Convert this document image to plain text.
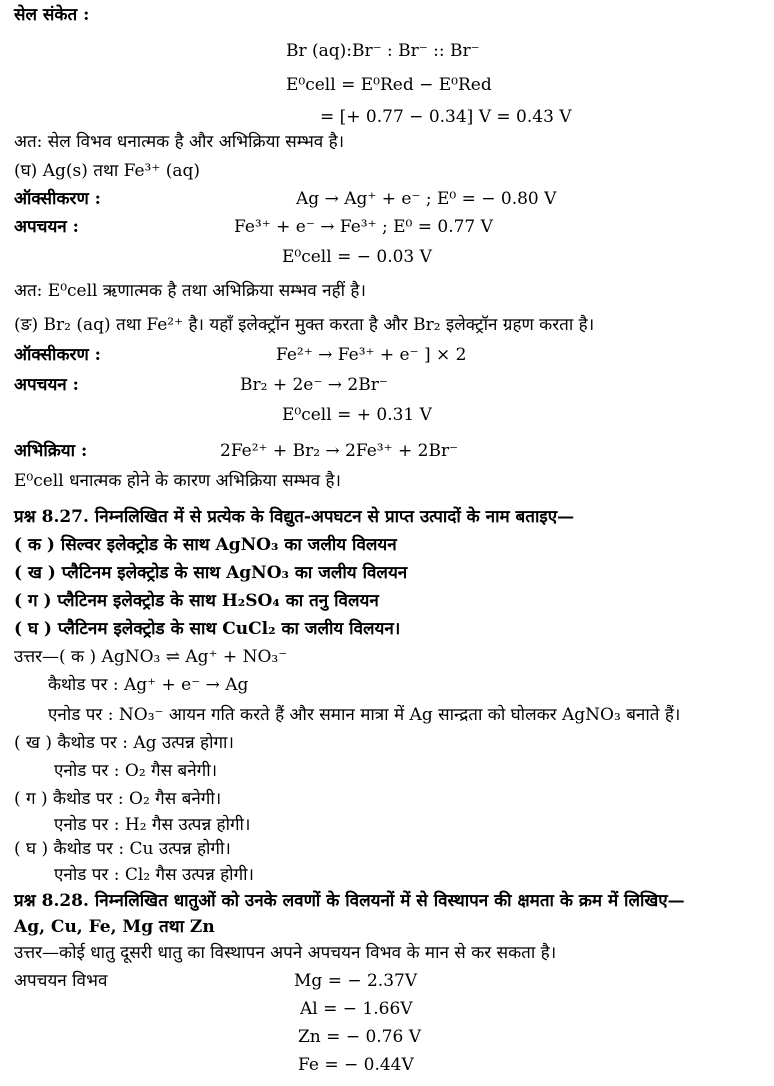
सेल संकेत :
Br (aq):Br⁻ : Br⁻ :: Br⁻
E⁰cell = E⁰Red − E⁰Red
= [+ 0.77 − 0.34] V = 0.43 V
अत: सेल विभव धनात्मक है और अभिक्रिया सम्भव है।
(घ) Ag(s) तथा Fe³⁺ (aq)
ऑक्सीकरण :	Ag → Ag⁺ + e⁻ ; E⁰ = − 0.80 V
अपचयन :	Fe³⁺ + e⁻ → Fe³⁺ ; E⁰ = 0.77 V
E⁰cell = − 0.03 V
अत: E⁰cell ऋणात्मक है तथा अभिक्रिया सम्भव नहीं है।
(ङ) Br₂ (aq) तथा Fe²⁺ है। यहाँ इलेक्ट्रॉन मुक्त करता है और Br₂ इलेक्ट्रॉन ग्रहण करता है।
ऑक्सीकरण :	Fe²⁺ → Fe³⁺ + e⁻ ] × 2
अपचयन :	Br₂ + 2e⁻ → 2Br⁻
E⁰cell = + 0.31 V
अभिक्रिया :	2Fe²⁺ + Br₂ → 2Fe³⁺ + 2Br⁻
E⁰cell धनात्मक होने के कारण अभिक्रिया सम्भव है।
प्रश्न 8.27. निम्नलिखित में से प्रत्येक के विद्युत-अपघटन से प्राप्त उत्पादों के नाम बताइए—
( क ) सिल्वर इलेक्ट्रोड के साथ AgNO₃ का जलीय विलयन
( ख ) प्लैटिनम इलेक्ट्रोड के साथ AgNO₃ का जलीय विलयन
( ग ) प्लैटिनम इलेक्ट्रोड के साथ H₂SO₄ का तनु विलयन
( घ ) प्लैटिनम इलेक्ट्रोड के साथ CuCl₂ का जलीय विलयन।
उत्तर—( क ) AgNO₃ ⇌ Ag⁺ + NO₃⁻
कैथोड पर : Ag⁺ + e⁻ → Ag
एनोड पर : NO₃⁻ आयन गति करते हैं और समान मात्रा में Ag सान्द्रता को घोलकर AgNO₃ बनाते हैं।
( ख ) कैथोड पर : Ag उत्पन्न होगा।
एनोड पर : O₂ गैस बनेगी।
( ग ) कैथोड पर : O₂ गैस बनेगी।
एनोड पर : H₂ गैस उत्पन्न होगी।
( घ ) कैथोड पर : Cu उत्पन्न होगी।
एनोड पर : Cl₂ गैस उत्पन्न होगी।
प्रश्न 8.28. निम्नलिखित धातुओं को उनके लवणों के विलयनों में से विस्थापन की क्षमता के क्रम में लिखिए—
Ag, Cu, Fe, Mg तथा Zn
उत्तर—कोई धातु दूसरी धातु का विस्थापन अपने अपचयन विभव के मान से कर सकता है।
अपचयन विभव	Mg = − 2.37V
Al = − 1.66V
Zn = − 0.76 V
Fe = − 0.44V
